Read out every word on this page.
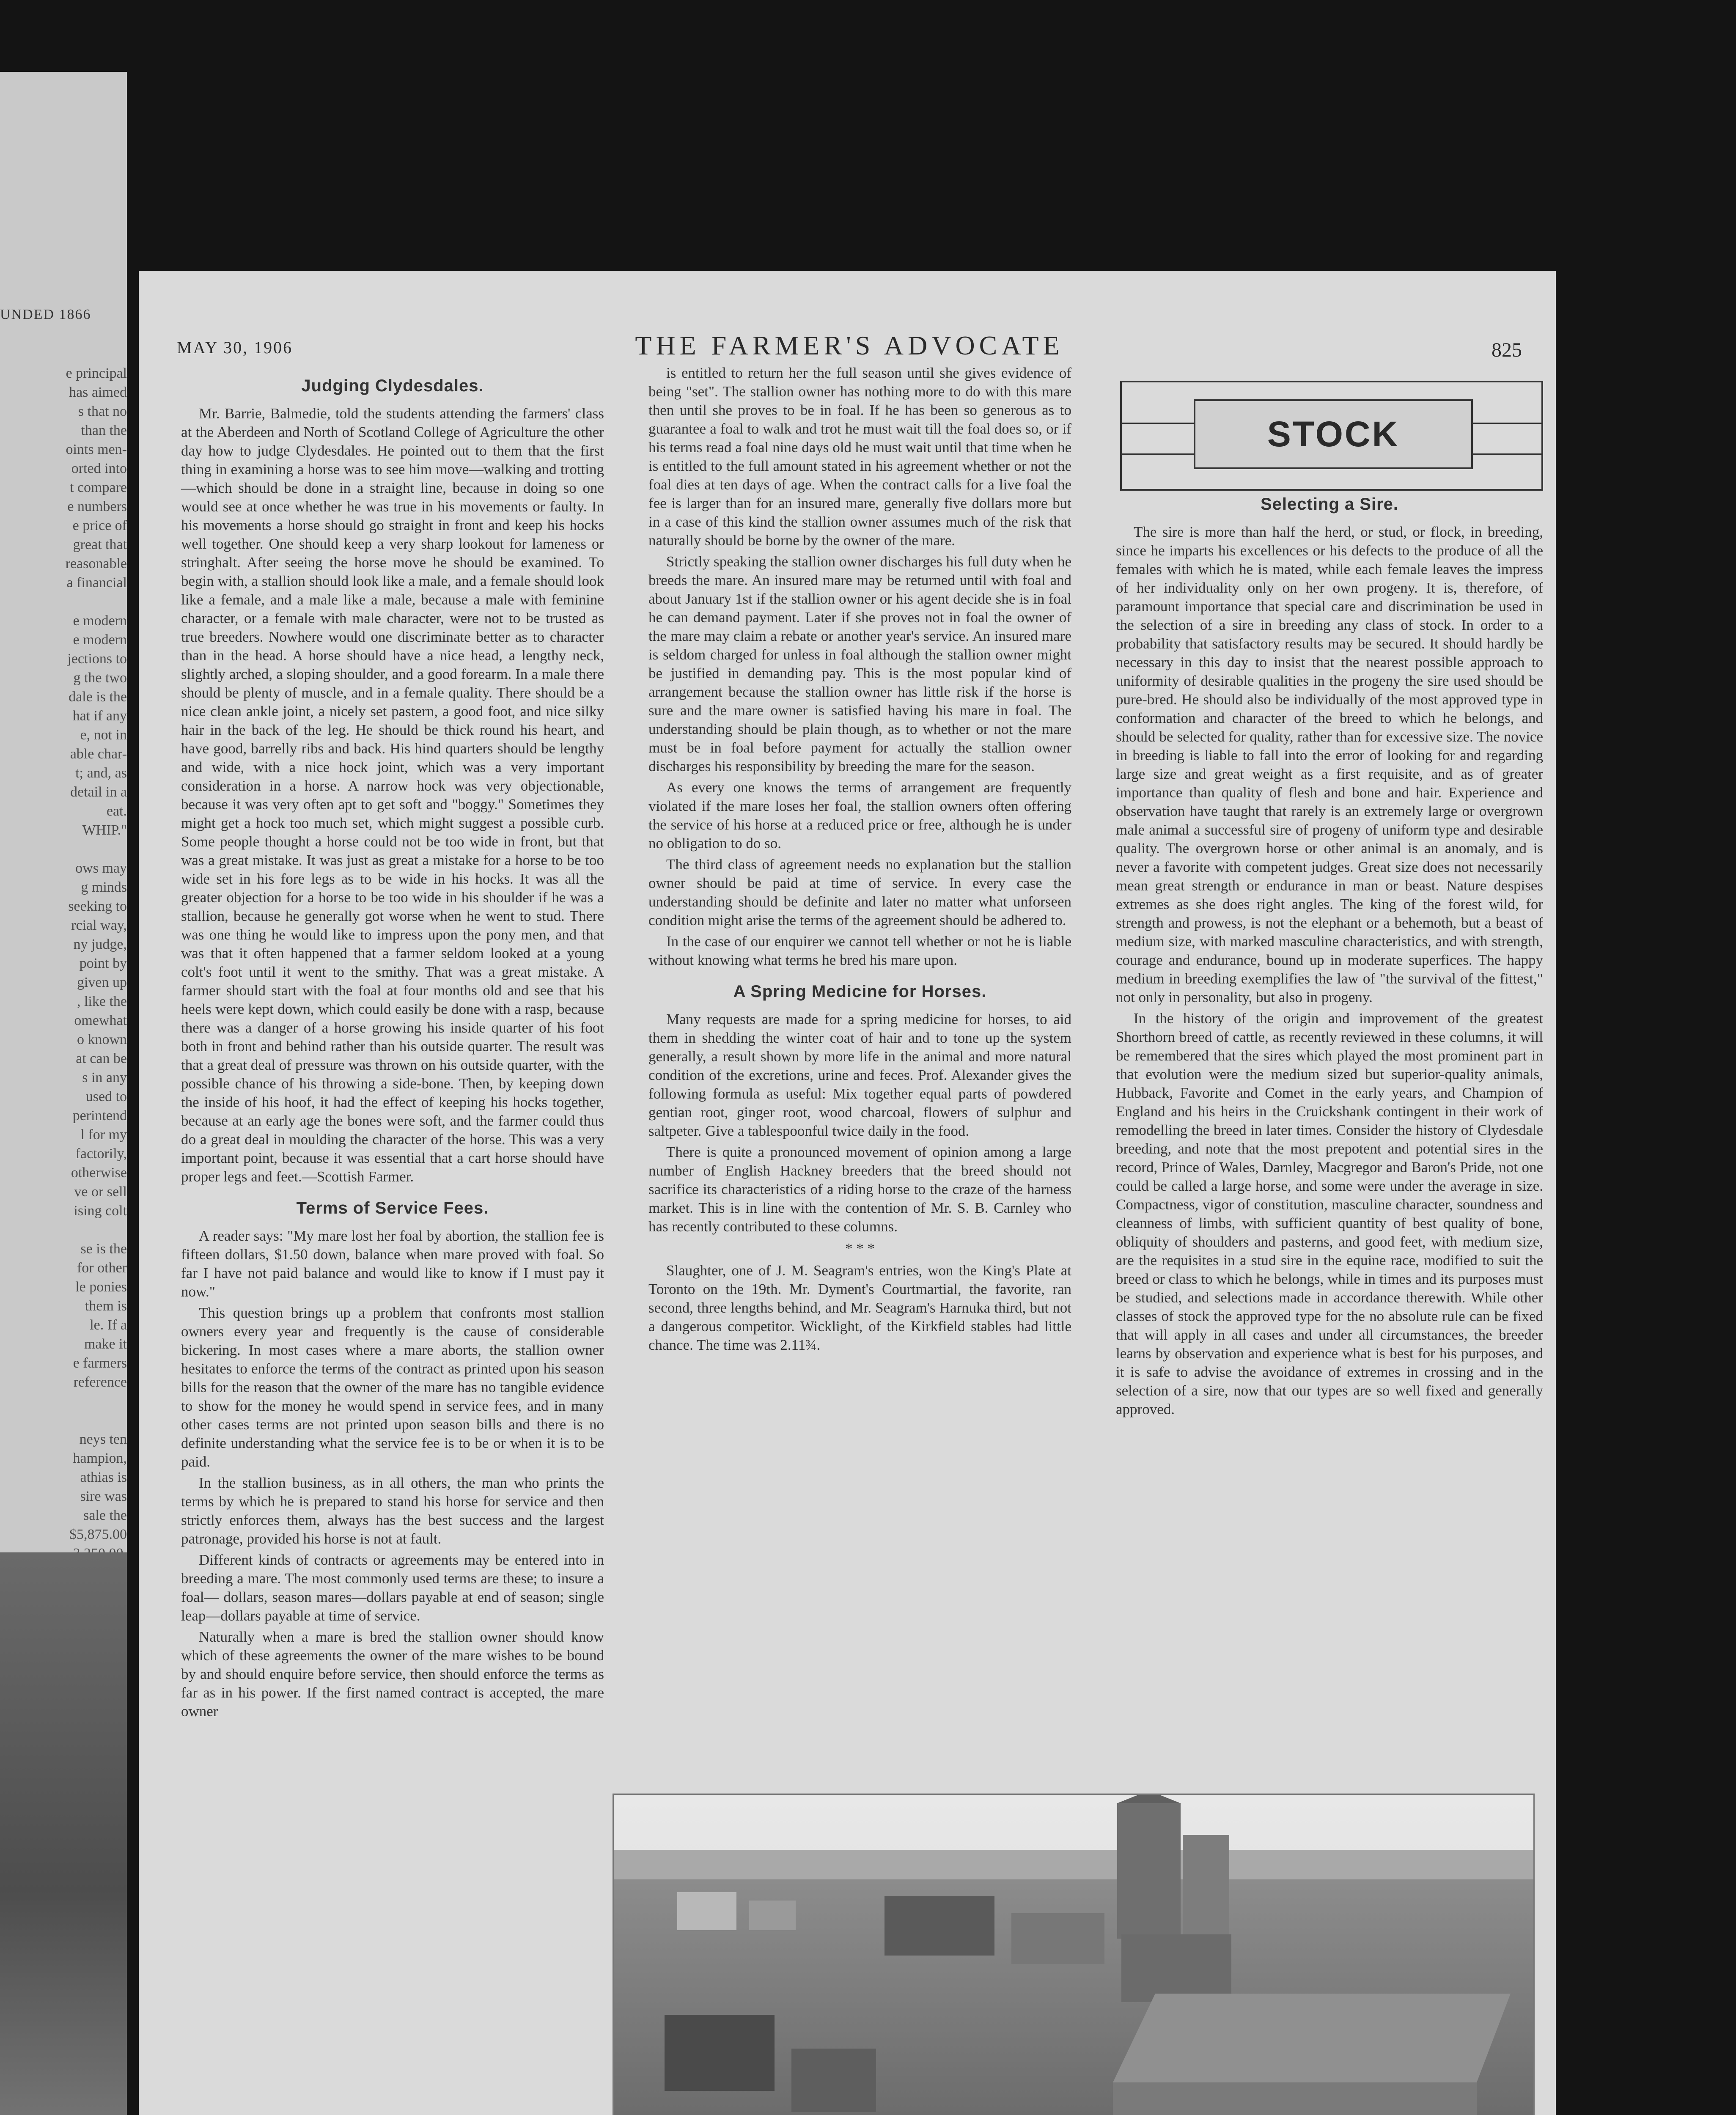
UNDED 1866
e principal
has aimed
s that no
than the
oints men-
orted into
t compare
e numbers
e price of
great that
reasonable
a financial

e modern
e modern
jections to
g the two
dale is the
hat if any
e, not in
able char-
t; and, as
detail in a
eat.
WHIP."

ows may
g minds
seeking to
rcial way,
ny judge,
point by
given up
, like the
omewhat
o known
at can be
s in any
used to
perintend
l for my
factorily,
otherwise
ve or sell
ising colt

se is the
for other
le ponies
them is
le. If a
make it
e farmers
reference

neys ten
hampion,
athias is
sire was
sale the
$5,875.00

MAY 30, 1906	THE FARMER'S ADVOCATE	825
Judging Clydesdales.

Mr. Barrie, Balmedie, told the students attending the farmers' class at the Aberdeen and North of Scotland College of Agriculture the other day how to judge Clydesdales. He pointed out to them that the first thing in examining a horse was to see him move—walking and trotting—which should be done in a straight line, because in doing so one would see at once whether he was true in his movements or faulty. In his movements a horse should go straight in front and keep his hocks well together. One should keep a very sharp lookout for lameness or stringhalt. After seeing the horse move he should be examined. To begin with, a stallion should look like a male, and a female should look like a female, and a male like a male, because a male with feminine character, or a female with male character, were not to be trusted as true breeders. Nowhere would one discriminate better as to character than in the head. A horse should have a nice head, a lengthy neck, slightly arched, a sloping shoulder, and a good forearm. In a male there should be plenty of muscle, and in a female quality. There should be a nice clean ankle joint, a nicely set pastern, a good foot, and nice silky hair in the back of the leg. He should be thick round his heart, and have good, barrelly ribs and back. His hind quarters should be lengthy and wide, with a nice hock joint, which was a very important consideration in a horse. A narrow hock was very objectionable, because it was very often apt to get soft and "boggy." Sometimes they might get a hock too much set, which might suggest a possible curb. Some people thought a horse could not be too wide in front, but that was a great mistake. It was just as great a mistake for a horse to be too wide set in his fore legs as to be wide in his hocks. It was all the greater objection for a horse to be too wide in his shoulder if he was a stallion, because he generally got worse when he went to stud. There was one thing he would like to impress upon the pony men, and that was that it often happened that a farmer seldom looked at a young colt's foot until it went to the smithy. That was a great mistake. A farmer should start with the foal at four months old and see that his heels were kept down, which could easily be done with a rasp, because there was a danger of a horse growing his inside quarter of his foot both in front and behind rather than his outside quarter. The result was that a great deal of pressure was thrown on his outside quarter, with the possible chance of his throwing a side-bone. Then, by keeping down the inside of his hoof, it had the effect of keeping his hocks together, because at an early age the bones were soft, and the farmer could thus do a great deal in moulding the character of the horse. This was a very important point, because it was essential that a cart horse should have proper legs and feet.—Scottish Farmer.

Terms of Service Fees.

A reader says: "My mare lost her foal by abortion, the stallion fee is fifteen dollars, $1.50 down, balance when mare proved with foal. So far I have not paid balance and would like to know if I must pay it now."

This question brings up a problem that confronts most stallion owners every year and frequently is the cause of considerable bickering. In most cases where a mare aborts, the stallion owner hesitates to enforce the terms of the contract as printed upon his season bills for the reason that the owner of the mare has no tangible evidence to show for the money he would spend in service fees, and in many other cases terms are not printed upon season bills and there is no definite understanding what the service fee is to be or when it is to be paid.

In the stallion business, as in all others, the man who prints the terms by which he is prepared to stand his horse for service and then strictly enforces them, always has the best success and the largest patronage, provided his horse is not at fault.

Different kinds of contracts or agreements may be entered into in breeding a mare. The most commonly used terms are these; to insure a foal— dollars, season mares—dollars payable at end of season; single leap—dollars payable at time of service.

Naturally when a mare is bred the stallion owner should know which of these agreements the owner of the mare wishes to be bound by and should enquire before service, then should enforce the terms as far as in his power. If the first named contract is accepted, the mare owner

is entitled to return her the full season until she gives evidence of being "set". The stallion owner has nothing more to do with this mare then until she proves to be in foal. If he has been so generous as to guarantee a foal to walk and trot he must wait till the foal does so, or if his terms read a foal nine days old he must wait until that time when he is entitled to the full amount stated in his agreement whether or not the foal dies at ten days of age. When the contract calls for a live foal the fee is larger than for an insured mare, generally five dollars more but in a case of this kind the stallion owner assumes much of the risk that naturally should be borne by the owner of the mare.

Strictly speaking the stallion owner discharges his full duty when he breeds the mare. An insured mare may be returned until with foal and about January 1st if the stallion owner or his agent decide she is in foal he can demand payment. Later if she proves not in foal the owner of the mare may claim a rebate or another year's service. An insured mare is seldom charged for unless in foal although the stallion owner might be justified in demanding pay. This is the most popular kind of arrangement because the stallion owner has little risk if the horse is sure and the mare owner is satisfied having his mare in foal. The understanding should be plain though, as to whether or not the mare must be in foal before payment for actually the stallion owner discharges his responsibility by breeding the mare for the season.

As every one knows the terms of arrangement are frequently violated if the mare loses her foal, the stallion owners often offering the service of his horse at a reduced price or free, although he is under no obligation to do so.

The third class of agreement needs no explanation but the stallion owner should be paid at time of service. In every case the understanding should be definite and later no matter what unforseen condition might arise the terms of the agreement should be adhered to.

In the case of our enquirer we cannot tell whether or not he is liable without knowing what terms he bred his mare upon.

A Spring Medicine for Horses.

Many requests are made for a spring medicine for horses, to aid them in shedding the winter coat of hair and to tone up the system generally, a result shown by more life in the animal and more natural condition of the excretions, urine and feces. Prof. Alexander gives the following formula as useful: Mix together equal parts of powdered gentian root, ginger root, wood charcoal, flowers of sulphur and saltpeter. Give a tablespoonful twice daily in the food.

There is quite a pronounced movement of opinion among a large number of English Hackney breeders that the breed should not sacrifice its characteristics of a riding horse to the craze of the harness market. This is in line with the contention of Mr. S. B. Carnley who has recently contributed to these columns.

* * *

Slaughter, one of J. M. Seagram's entries, won the King's Plate at Toronto on the 19th. Mr. Dyment's Courtmartial, the favorite, ran second, three lengths behind, and Mr. Seagram's Harnuka third, but not a dangerous competitor. Wicklight, of the Kirkfield stables had little chance. The time was 2.11¾.

STOCK
Selecting a Sire.

The sire is more than half the herd, or stud, or flock, in breeding, since he imparts his excellences or his defects to the produce of all the females with which he is mated, while each female leaves the impress of her individuality only on her own progeny. It is, therefore, of paramount importance that special care and discrimination be used in the selection of a sire in breeding any class of stock. In order to a probability that satisfactory results may be secured. It should hardly be necessary in this day to insist that the nearest possible approach to uniformity of desirable qualities in the progeny the sire used should be pure-bred. He should also be individually of the most approved type in conformation and character of the breed to which he belongs, and should be selected for quality, rather than for excessive size. The novice in breeding is liable to fall into the error of looking for and regarding large size and great weight as a first requisite, and as of greater importance than quality of flesh and bone and hair. Experience and observation have taught that rarely is an extremely large or overgrown male animal a successful sire of progeny of uniform type and desirable quality. The overgrown horse or other animal is an anomaly, and is never a favorite with competent judges. Great size does not necessarily mean great strength or endurance in man or beast. Nature despises extremes as she does right angles. The king of the forest wild, for strength and prowess, is not the elephant or a behemoth, but a beast of medium size, with marked masculine characteristics, and with strength, courage and endurance, bound up in moderate superfices. The happy medium in breeding exemplifies the law of "the survival of the fittest," not only in personality, but also in progeny.

In the history of the origin and improvement of the greatest Shorthorn breed of cattle, as recently reviewed in these columns, it will be remembered that the sires which played the most prominent part in that evolution were the medium sized but superior-quality animals, Hubback, Favorite and Comet in the early years, and Champion of England and his heirs in the Cruickshank contingent in their work of remodelling the breed in later times. Consider the history of Clydesdale breeding, and note that the most prepotent and potential sires in the record, Prince of Wales, Darnley, Macgregor and Baron's Pride, not one could be called a large horse, and some were under the average in size. Compactness, vigor of constitution, masculine character, soundness and cleanness of limbs, with sufficient quantity of best quality of bone, obliquity of shoulders and pasterns, and good feet, with medium size, are the requisites in a stud sire in the equine race, modified to suit the breed or class to which he belongs, while in times and its purposes must be studied, and selections made in accordance therewith. While other classes of stock the approved type for the no absolute rule can be fixed that will apply in all cases and under all circumstances, the breeder learns by observation and experience what is best for his purposes, and it is safe to advise the avoidance of extremes in crossing and in the selection of a sire, now that our types are so well fixed and generally approved.
